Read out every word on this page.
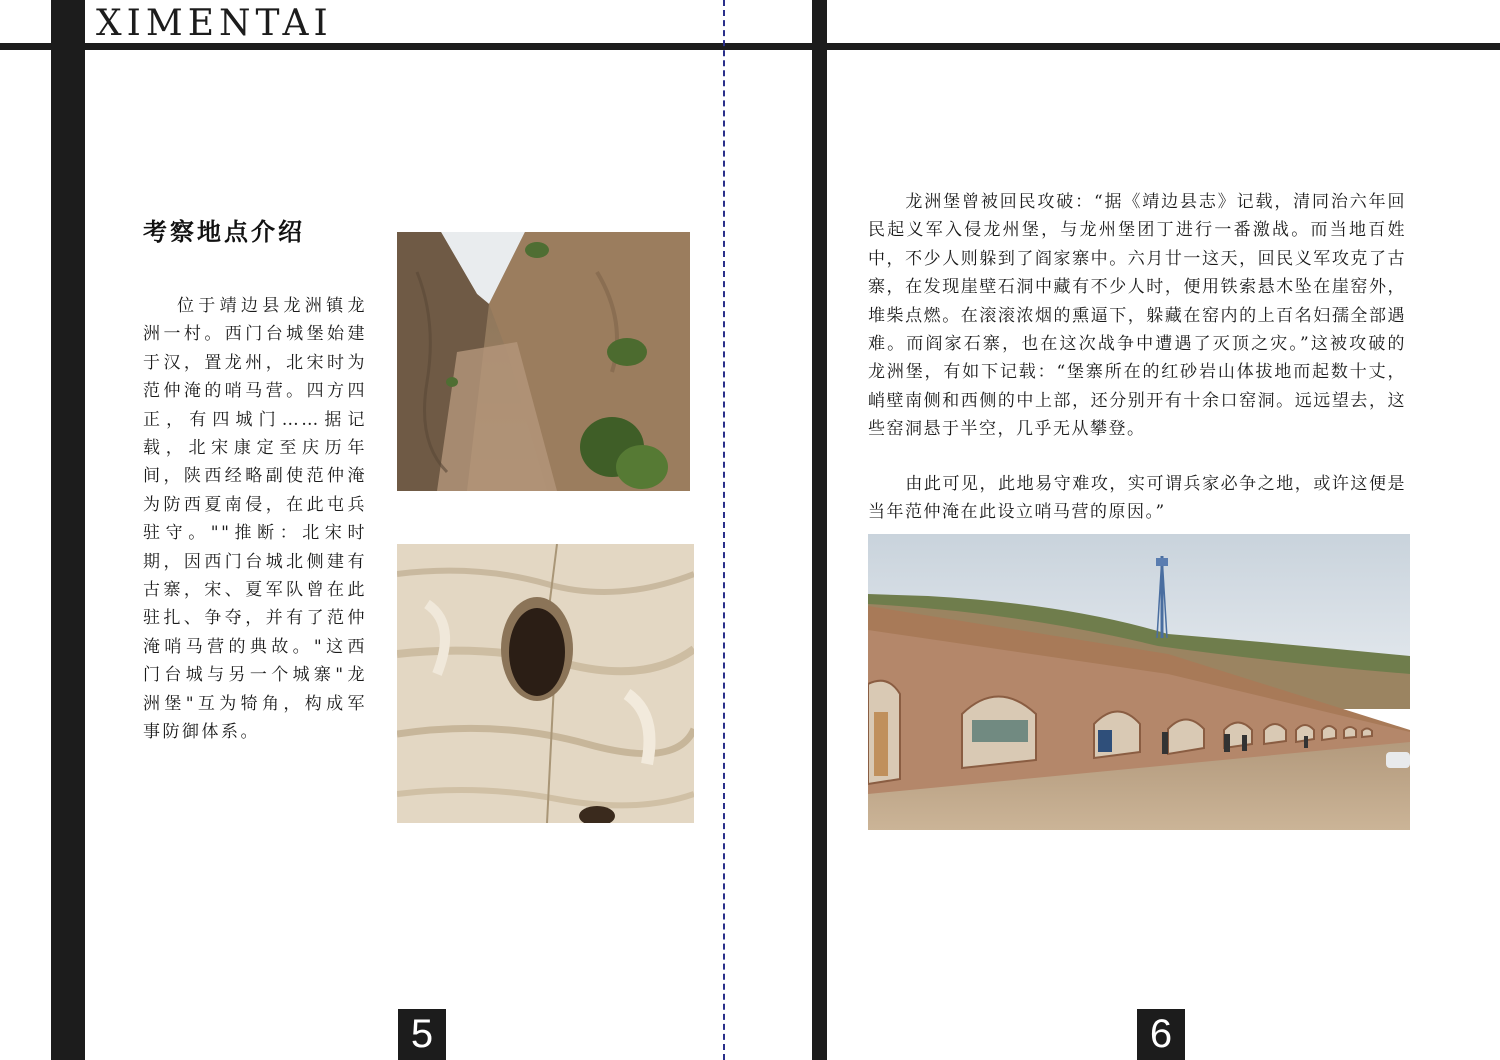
XIMENTAI
考察地点介绍

位于靖边县龙洲镇龙洲一村。西门台城堡始建于汉，置龙州，北宋时为范仲淹的哨马营。四方四正，有四城门……据记载，北宋康定至庆历年间，陕西经略副使范仲淹为防西夏南侵，在此屯兵驻守。""推断：北宋时期，因西门台城北侧建有古寨，宋、夏军队曾在此驻扎、争夺，并有了范仲淹哨马营的典故。"这西门台城与另一个城寨"龙洲堡"互为犄角，构成军事防御体系。

龙洲堡曾被回民攻破：“据《靖边县志》记载，清同治六年回民起义军入侵龙州堡，与龙州堡团丁进行一番激战。而当地百姓中，不少人则躲到了阎家寨中。六月廿一这天，回民义军攻克了古寨，在发现崖壁石洞中藏有不少人时，便用铁索悬木坠在崖窑外，堆柴点燃。在滚滚浓烟的熏逼下，躲藏在窑内的上百名妇孺全部遇难。而阎家石寨，也在这次战争中遭遇了灭顶之灾。”这被攻破的龙洲堡，有如下记载：“堡寨所在的红砂岩山体拔地而起数十丈，峭壁南侧和西侧的中上部，还分别开有十余口窑洞。远远望去，这些窑洞悬于半空，几乎无从攀登。

由此可见，此地易守难攻，实可谓兵家必争之地，或许这便是当年范仲淹在此设立哨马营的原因。”

5	6
